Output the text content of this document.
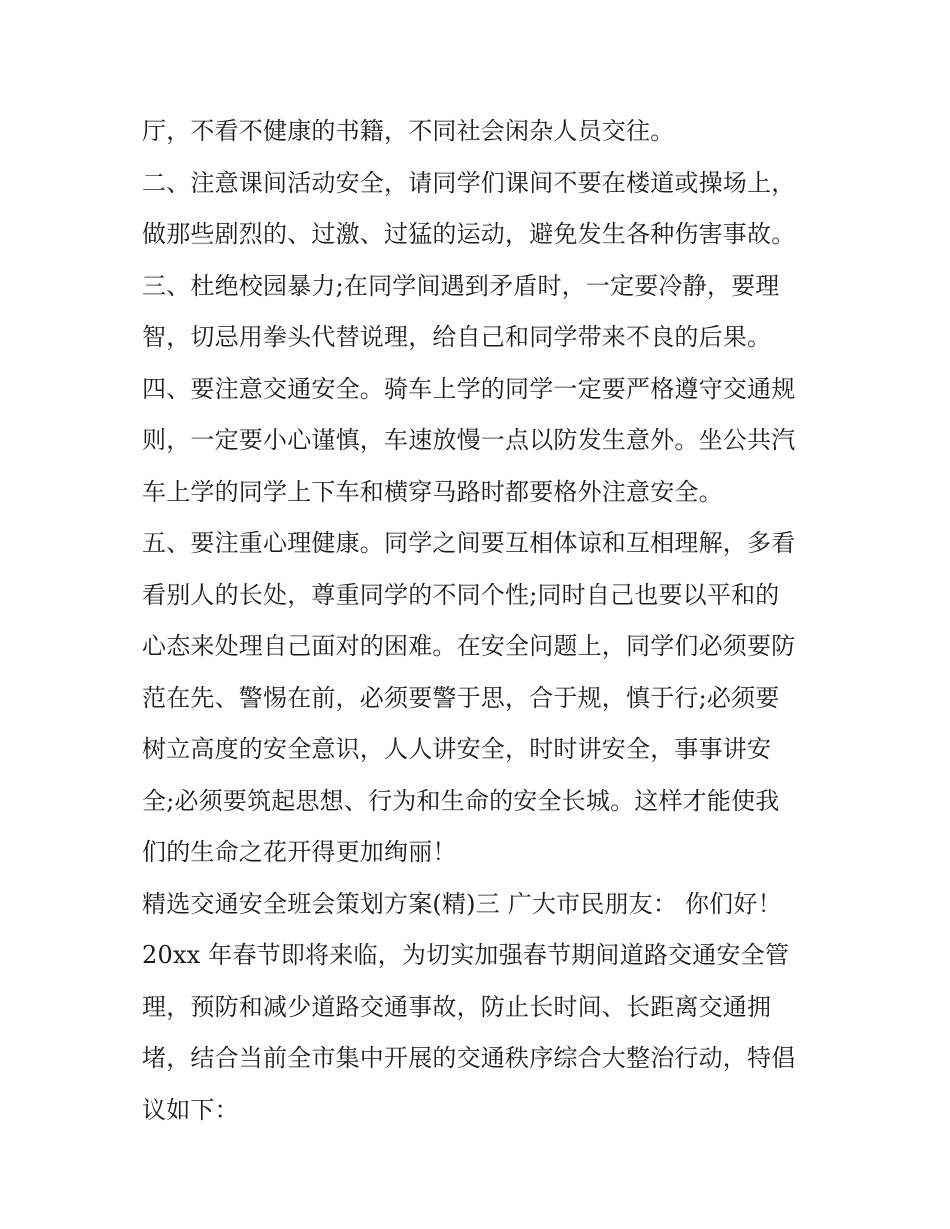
厅，不看不健康的书籍，不同社会闲杂人员交往。
二、注意课间活动安全，请同学们课间不要在楼道或操场上，
做那些剧烈的、过激、过猛的运动，避免发生各种伤害事故。
三、杜绝校园暴力;在同学间遇到矛盾时，一定要冷静，要理
智，切忌用拳头代替说理，给自己和同学带来不良的后果。
四、要注意交通安全。骑车上学的同学一定要严格遵守交通规
则，一定要小心谨慎，车速放慢一点以防发生意外。坐公共汽
车上学的同学上下车和横穿马路时都要格外注意安全。
五、要注重心理健康。同学之间要互相体谅和互相理解，多看
看别人的长处，尊重同学的不同个性;同时自己也要以平和的
心态来处理自己面对的困难。在安全问题上，同学们必须要防
范在先、警惕在前，必须要警于思，合于规，慎于行;必须要
树立高度的安全意识，人人讲安全，时时讲安全，事事讲安
全;必须要筑起思想、行为和生命的安全长城。这样才能使我
们的生命之花开得更加绚丽！
精选交通安全班会策划方案(精)三 广大市民朋友： 你们好！
20xx 年春节即将来临，为切实加强春节期间道路交通安全管
理，预防和减少道路交通事故，防止长时间、长距离交通拥
堵，结合当前全市集中开展的交通秩序综合大整治行动，特倡
议如下：
